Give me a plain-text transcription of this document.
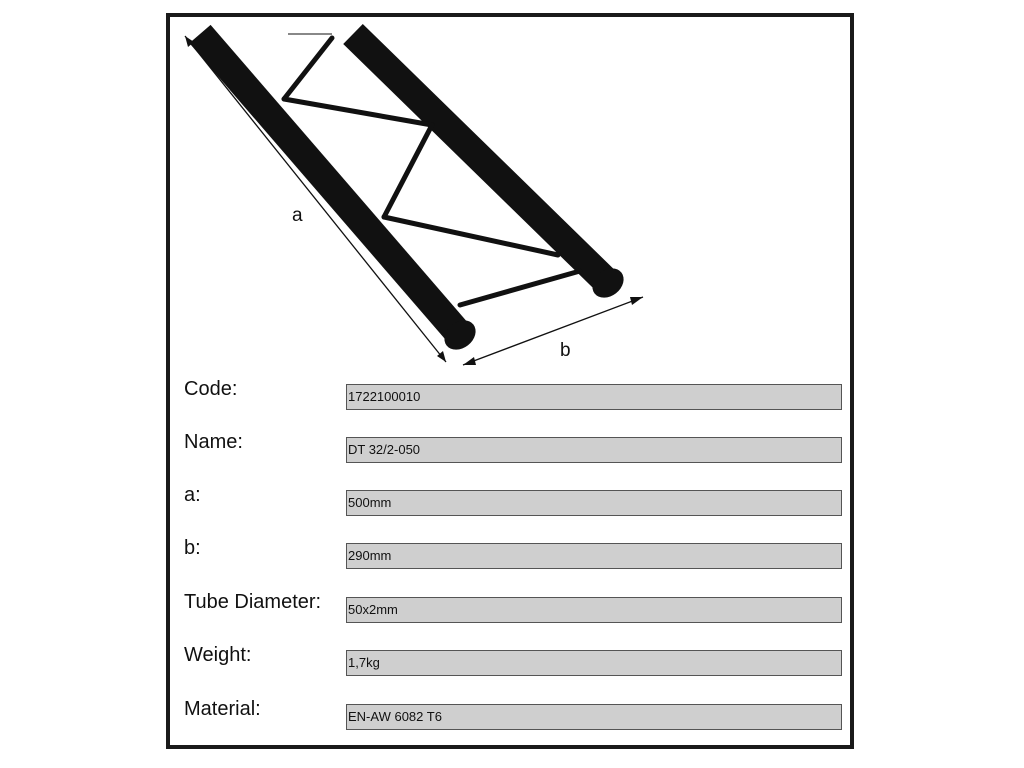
a
b
Code:	1722100010
Name:	DT 32/2-050
a:	500mm
b:	290mm
Tube Diameter: 50x2mm
Weight:	1,7kg
Material:	EN-AW 6082 T6
